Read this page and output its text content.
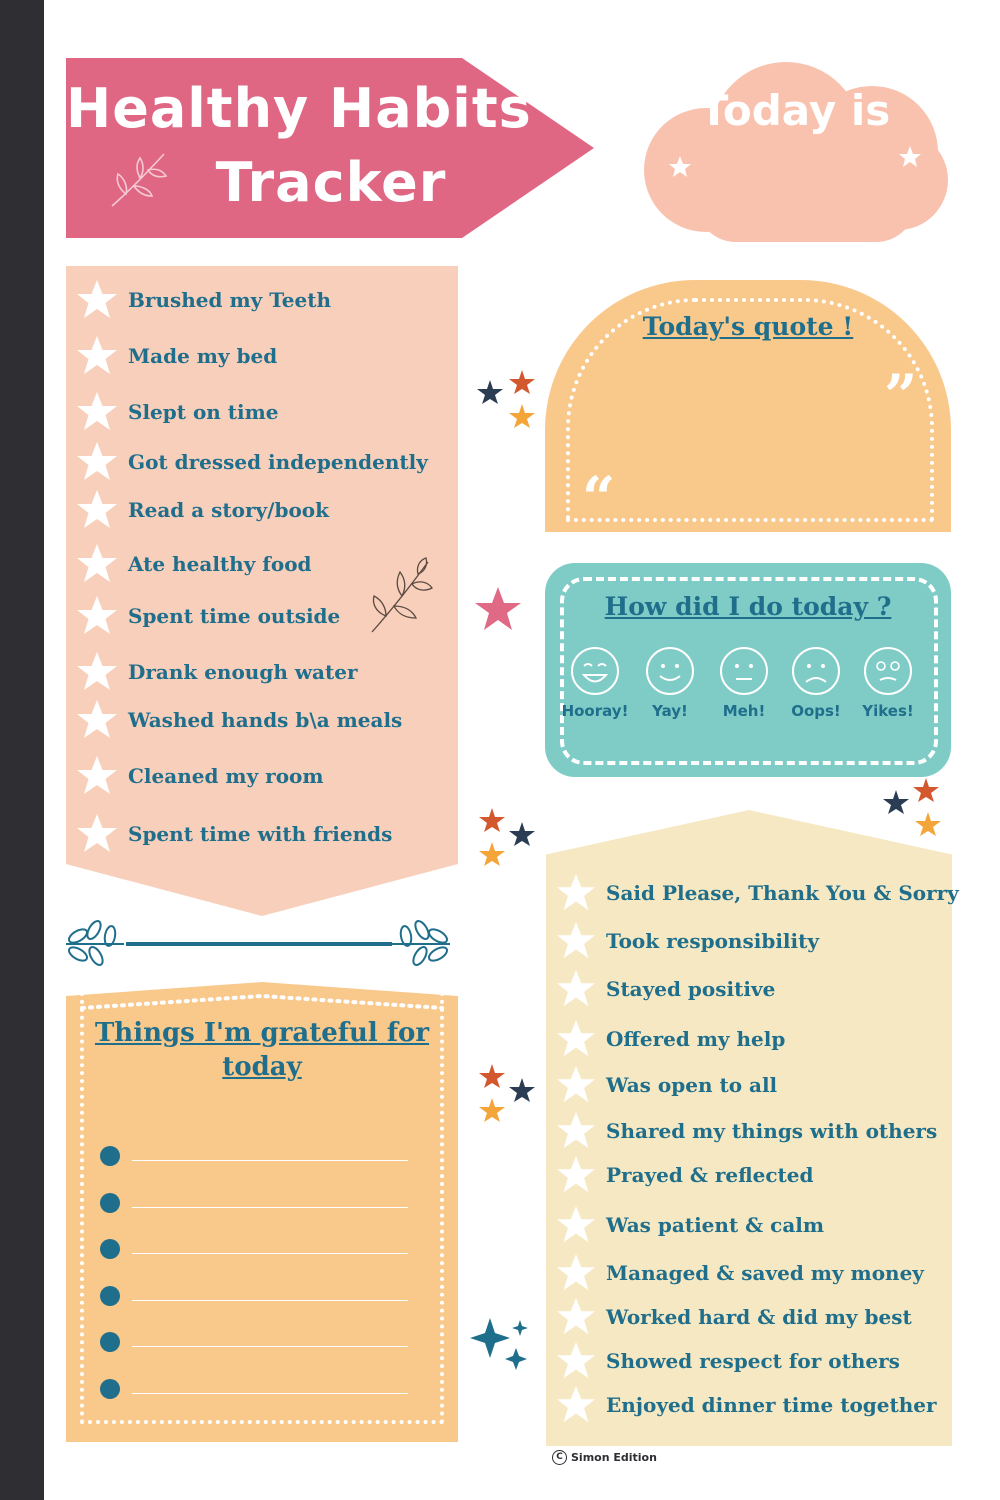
Healthy Habits
Tracker
Today is
Brushed my Teeth
Made my bed
Slept on time
Got dressed independently
Read a story/book
Ate healthy food
Spent time outside
Drank enough water
Washed hands b\a meals
Cleaned my room
Spent time with friends
Today's quote !
”
“
How did I do today ?
Hooray!	Yay!	Meh!	Oops!	Yikes!
Things I'm grateful for
today
Said Please, Thank You & Sorry
Took responsibility
Stayed positive
Offered my help
Was open to all
Shared my things with others
Prayed & reflected
Was patient & calm
Managed & saved my money
Worked hard & did my best
Showed respect for others
Enjoyed dinner time together
C Simon Edition
